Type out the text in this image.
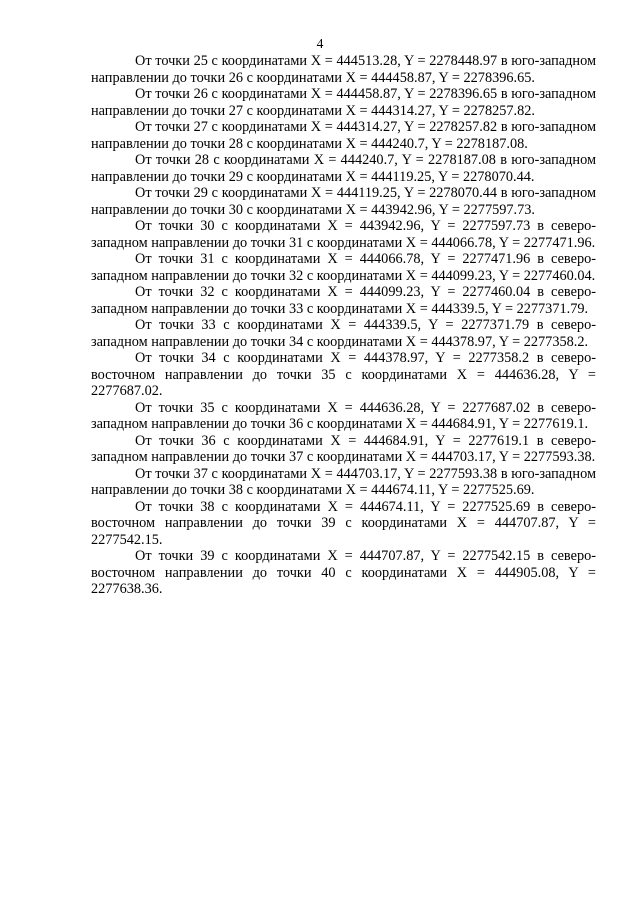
4

От точки 25 с координатами X = 444513.28, Y = 2278448.97 в юго-западном направлении до точки 26 с координатами X = 444458.87, Y = 2278396.65.

От точки 26 с координатами X = 444458.87, Y = 2278396.65 в юго-западном направлении до точки 27 с координатами X = 444314.27, Y = 2278257.82.

От точки 27 с координатами X = 444314.27, Y = 2278257.82 в юго-западном направлении до точки 28 с координатами X = 444240.7, Y = 2278187.08.

От точки 28 с координатами X = 444240.7, Y = 2278187.08 в юго-западном направлении до точки 29 с координатами X = 444119.25, Y = 2278070.44.

От точки 29 с координатами X = 444119.25, Y = 2278070.44 в юго-западном направлении до точки 30 с координатами X = 443942.96, Y = 2277597.73.

От точки 30 с координатами X = 443942.96, Y = 2277597.73 в северо-западном направлении до точки 31 с координатами X = 444066.78, Y = 2277471.96.

От точки 31 с координатами X = 444066.78, Y = 2277471.96 в северо-западном направлении до точки 32 с координатами X = 444099.23, Y = 2277460.04.

От точки 32 с координатами X = 444099.23, Y = 2277460.04 в северо-западном направлении до точки 33 с координатами X = 444339.5, Y = 2277371.79.

От точки 33 с координатами X = 444339.5, Y = 2277371.79 в северо-западном направлении до точки 34 с координатами X = 444378.97, Y = 2277358.2.

От точки 34 с координатами X = 444378.97, Y = 2277358.2 в северо-восточном направлении до точки 35 с координатами X = 444636.28, Y = 2277687.02.

От точки 35 с координатами X = 444636.28, Y = 2277687.02 в северо-западном направлении до точки 36 с координатами X = 444684.91, Y = 2277619.1.

От точки 36 с координатами X = 444684.91, Y = 2277619.1 в северо-западном направлении до точки 37 с координатами X = 444703.17, Y = 2277593.38.

От точки 37 с координатами X = 444703.17, Y = 2277593.38 в юго-западном направлении до точки 38 с координатами X = 444674.11, Y = 2277525.69.

От точки 38 с координатами X = 444674.11, Y = 2277525.69 в северо-восточном направлении до точки 39 с координатами X = 444707.87, Y = 2277542.15.

От точки 39 с координатами X = 444707.87, Y = 2277542.15 в северо-восточном направлении до точки 40 с координатами X = 444905.08, Y = 2277638.36.
